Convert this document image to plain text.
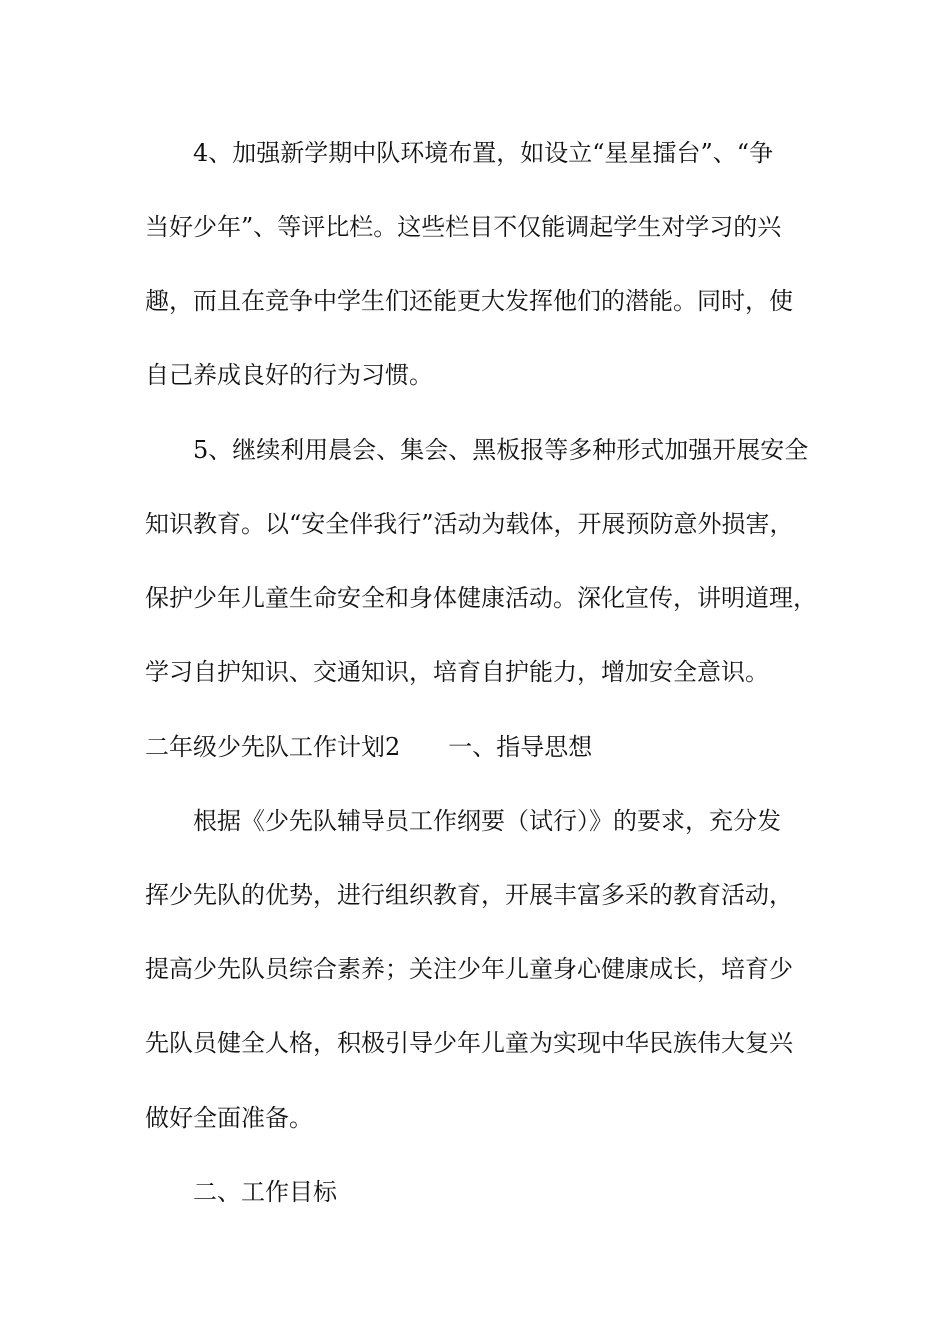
4、加强新学期中队环境布置，如设立“星星擂台”、“争
当好少年”、等评比栏。这些栏目不仅能调起学生对学习的兴
趣，而且在竞争中学生们还能更大发挥他们的潜能。同时，使
自己养成良好的行为习惯。
5、继续利用晨会、集会、黑板报等多种形式加强开展安全
知识教育。以“安全伴我行”活动为载体，开展预防意外损害，
保护少年儿童生命安全和身体健康活动。深化宣传，讲明道理，
学习自护知识、交通知识，培育自护能力，增加安全意识。
二年级少先队工作计划2 一、指导思想
根据《少先队辅导员工作纲要（试行）》的要求，充分发
挥少先队的优势，进行组织教育，开展丰富多采的教育活动，
提高少先队员综合素养；关注少年儿童身心健康成长，培育少
先队员健全人格，积极引导少年儿童为实现中华民族伟大复兴
做好全面准备。
二、工作目标
